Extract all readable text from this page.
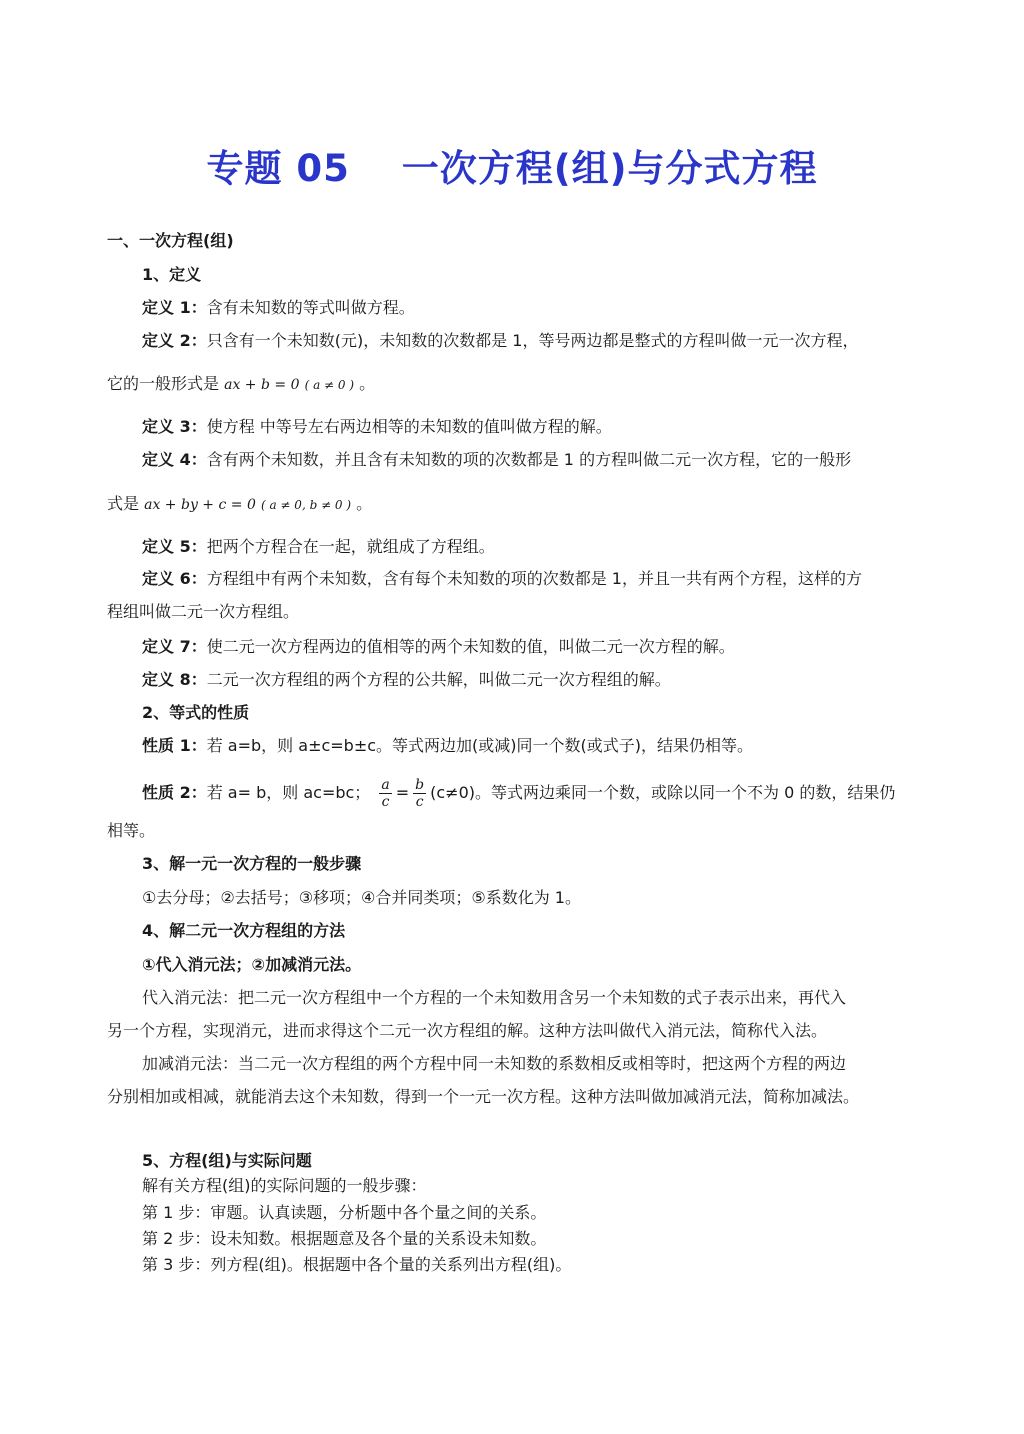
专题 05　 一次方程(组)与分式方程
一、一次方程(组)
1、定义
定义 1：含有未知数的等式叫做方程。
定义 2：只含有一个未知数(元)，未知数的次数都是 1，等号两边都是整式的方程叫做一元一次方程，
它的一般形式是 ax + b = 0 ( a ≠ 0 ) 。
定义 3：使方程 中等号左右两边相等的未知数的值叫做方程的解。
定义 4：含有两个未知数，并且含有未知数的项的次数都是 1 的方程叫做二元一次方程，它的一般形
式是 ax + by + c = 0 ( a ≠ 0, b ≠ 0 ) 。
定义 5：把两个方程合在一起，就组成了方程组。
定义 6：方程组中有两个未知数，含有每个未知数的项的次数都是 1，并且一共有两个方程，这样的方
程组叫做二元一次方程组。
定义 7：使二元一次方程两边的值相等的两个未知数的值，叫做二元一次方程的解。
定义 8：二元一次方程组的两个方程的公共解，叫做二元一次方程组的解。
2、等式的性质
性质 1：若 a=b，则 a±c=b±c。等式两边加(或减)同一个数(或式子)，结果仍相等。
性质 2：若 a= b，则 ac=bc； $\frac{a}{c} = \frac{b}{c} (c\ne 0)$。等式两边乘同一个数，或除以同一个不为 0 的数，结果仍
相等。
3、解一元一次方程的一般步骤
①去分母；②去括号；③移项；④合并同类项；⑤系数化为 1。
4、解二元一次方程组的方法
①代入消元法；②加减消元法。
代入消元法：把二元一次方程组中一个方程的一个未知数用含另一个未知数的式子表示出来，再代入
另一个方程，实现消元，进而求得这个二元一次方程组的解。这种方法叫做代入消元法，简称代入法。
加减消元法：当二元一次方程组的两个方程中同一未知数的系数相反或相等时，把这两个方程的两边
分别相加或相减，就能消去这个未知数，得到一个一元一次方程。这种方法叫做加减消元法，简称加减法。
5、方程(组)与实际问题
解有关方程(组)的实际问题的一般步骤：
第 1 步：审题。认真读题，分析题中各个量之间的关系。
第 2 步：设未知数。根据题意及各个量的关系设未知数。
第 3 步：列方程(组)。根据题中各个量的关系列出方程(组)。
